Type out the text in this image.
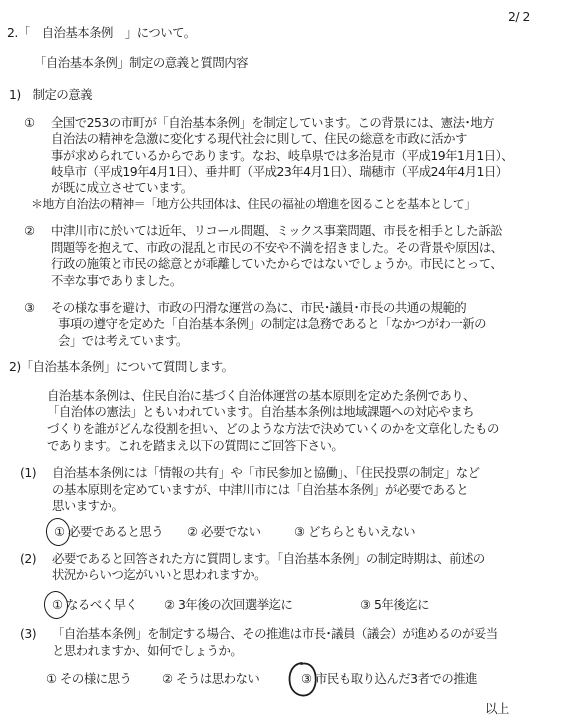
2/ 2
2.「　自治基本条例　」について。
「自治基本条例」制定の意義と質問内容
1)　制定の意義
① 全国で253の市町が「自治基本条例」を制定しています。この背景には、憲法･地方
自治法の精神を急激に変化する現代社会に則して、住民の総意を市政に活かす
事が求められているからであります。なお、岐阜県では多治見市（平成19年1月1日）、
岐阜市（平成19年4月1日）、垂井町（平成23年4月1日）、瑞穂市（平成24年4月1日）
が既に成立させています。
＊地方自治法の精神＝「地方公共団体は、住民の福祉の増進を図ることを基本として」
② 中津川市に於いては近年、リコール問題、ミックス事業問題、市長を相手とした訴訟
問題等を抱えて、市政の混乱と市民の不安や不満を招きました。その背景や原因は、
行政の施策と市民の総意とが乖離していたからではないでしょうか。市民にとって、
不幸な事でありました。
③ その様な事を避け、市政の円滑な運営の為に、市民･議員･市長の共通の規範的
事項の遵守を定めた「自治基本条例」の制定は急務であると「なかつがわ一新の
会」では考えています。
2)「自治基本条例」について質問します。
自治基本条例は、住民自治に基づく自治体運営の基本原則を定めた条例であり、
「自治体の憲法」ともいわれています。自治基本条例は地域課題への対応やまち
づくりを誰がどんな役割を担い、どのような方法で決めていくのかを文章化したもの
であります。これを踏まえ以下の質問にご回答下さい。
(1) 自治基本条例には「情報の共有」や「市民参加と協働」、「住民投票の制定」など
の基本原則を定めていますが、中津川市には「自治基本条例」が必要であると
思いますか。
① 必要であると思う ② 必要でない	③ どちらともいえない
(2) 必要であると回答された方に質問します。「自治基本条例」の制定時期は、前述の
状況からいつ迄がいいと思われますか。
① なるべく早く ② 3年後の次回選挙迄に	③ 5年後迄に
(3) 「自治基本条例」を制定する場合、その推進は市長･議員（議会）が進めるのが妥当
と思われますか、如何でしょうか。
① その様に思う ② そうは思わない	③ 市民も取り込んだ3者での推進
以上
